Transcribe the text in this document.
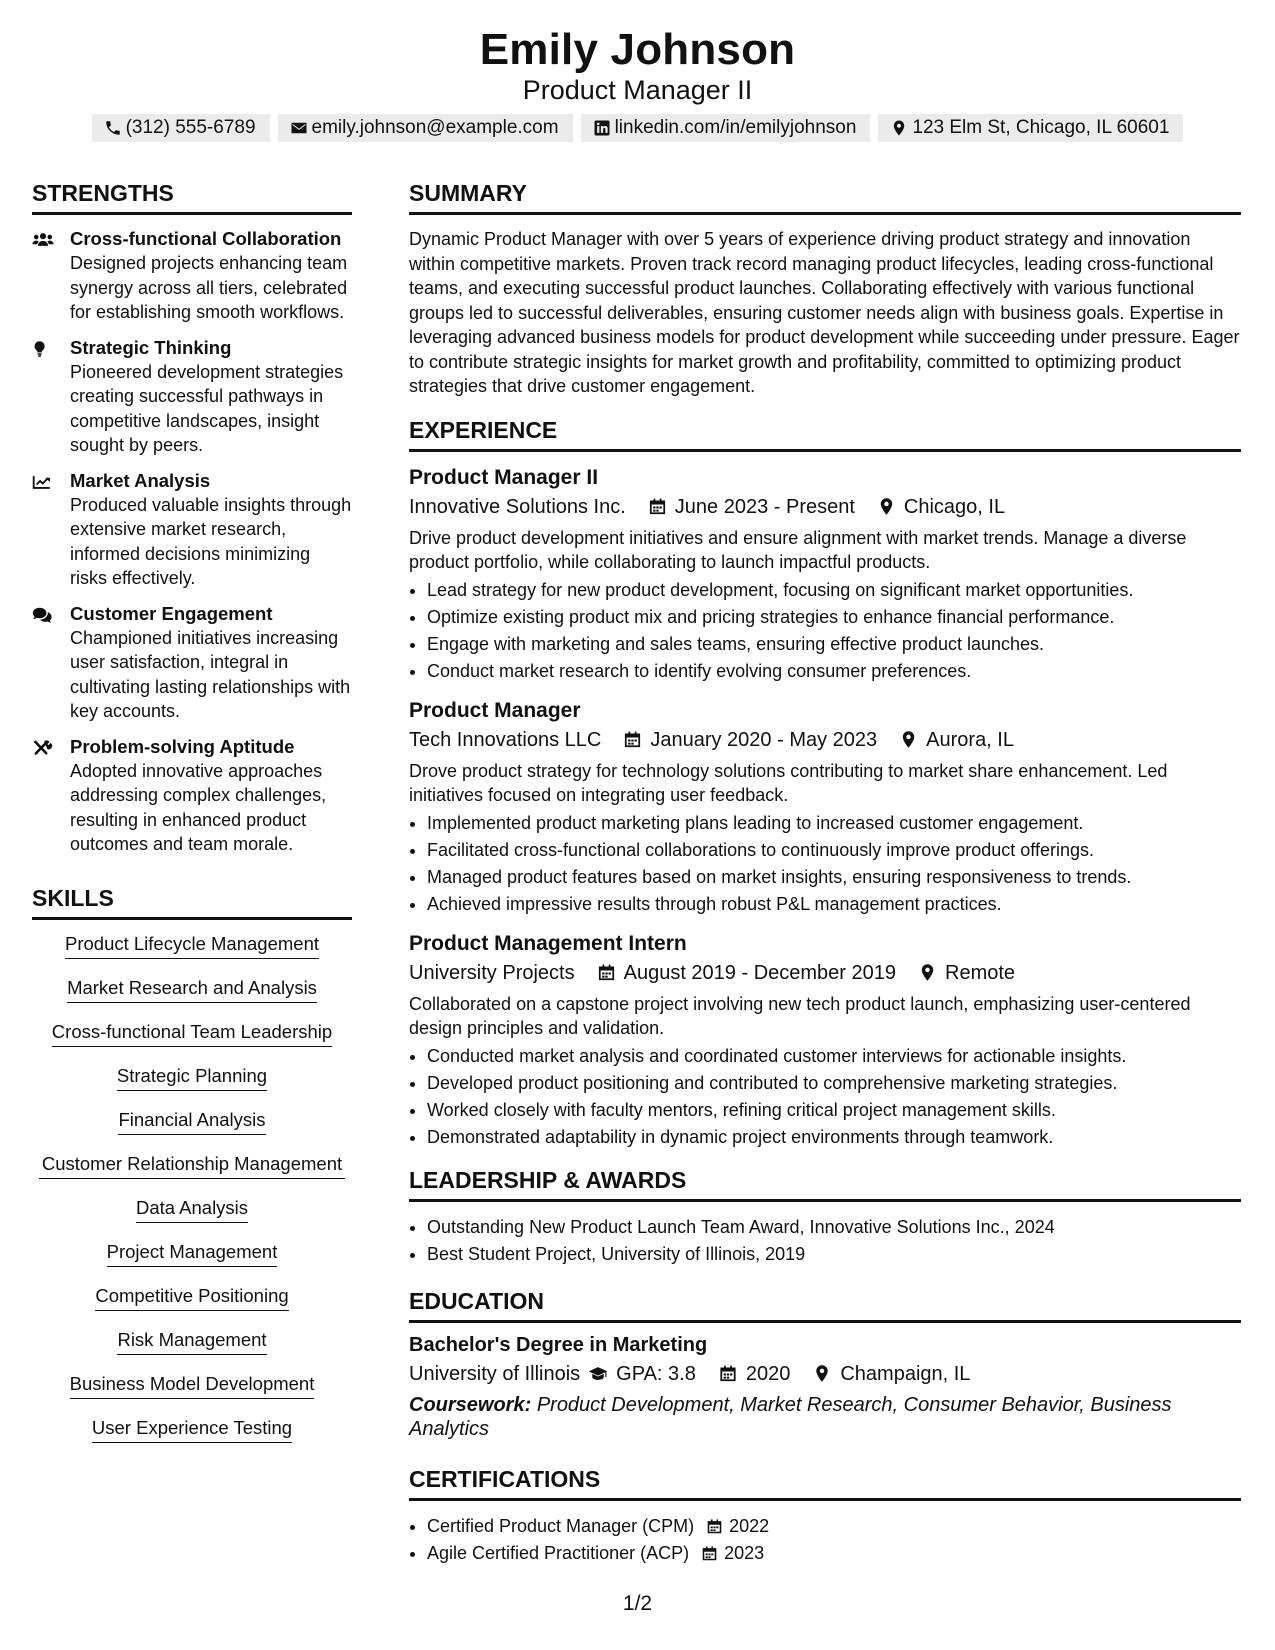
Emily Johnson
Product Manager II
(312) 555-6789	emily.johnson@example.com	linkedin.com/in/emilyjohnson	123 Elm St, Chicago, IL 60601
STRENGTHS
Cross-functional Collaboration
Designed projects enhancing team synergy across all tiers, celebrated for establishing smooth workflows.
Strategic Thinking
Pioneered development strategies creating successful pathways in competitive landscapes, insight sought by peers.
Market Analysis
Produced valuable insights through extensive market research, informed decisions minimizing risks effectively.
Customer Engagement
Championed initiatives increasing user satisfaction, integral in cultivating lasting relationships with key accounts.
Problem-solving Aptitude
Adopted innovative approaches addressing complex challenges, resulting in enhanced product outcomes and team morale.
SKILLS
Product Lifecycle Management
Market Research and Analysis
Cross-functional Team Leadership
Strategic Planning
Financial Analysis
Customer Relationship Management
Data Analysis
Project Management
Competitive Positioning
Risk Management
Business Model Development
User Experience Testing
SUMMARY
Dynamic Product Manager with over 5 years of experience driving product strategy and innovation within competitive markets. Proven track record managing product lifecycles, leading cross-functional teams, and executing successful product launches. Collaborating effectively with various functional groups led to successful deliverables, ensuring customer needs align with business goals. Expertise in leveraging advanced business models for product development while succeeding under pressure. Eager to contribute strategic insights for market growth and profitability, committed to optimizing product strategies that drive customer engagement.
EXPERIENCE
Product Manager II
Innovative Solutions Inc. June 2023 - Present Chicago, IL
Drive product development initiatives and ensure alignment with market trends. Manage a diverse product portfolio, while collaborating to launch impactful products.
• Lead strategy for new product development, focusing on significant market opportunities.
• Optimize existing product mix and pricing strategies to enhance financial performance.
• Engage with marketing and sales teams, ensuring effective product launches.
• Conduct market research to identify evolving consumer preferences.
Product Manager
Tech Innovations LLC January 2020 - May 2023 Aurora, IL
Drove product strategy for technology solutions contributing to market share enhancement. Led initiatives focused on integrating user feedback.
• Implemented product marketing plans leading to increased customer engagement.
• Facilitated cross-functional collaborations to continuously improve product offerings.
• Managed product features based on market insights, ensuring responsiveness to trends.
• Achieved impressive results through robust P&L management practices.
Product Management Intern
University Projects August 2019 - December 2019 Remote
Collaborated on a capstone project involving new tech product launch, emphasizing user-centered design principles and validation.
• Conducted market analysis and coordinated customer interviews for actionable insights.
• Developed product positioning and contributed to comprehensive marketing strategies.
• Worked closely with faculty mentors, refining critical project management skills.
• Demonstrated adaptability in dynamic project environments through teamwork.
LEADERSHIP & AWARDS
• Outstanding New Product Launch Team Award, Innovative Solutions Inc., 2024
• Best Student Project, University of Illinois, 2019
EDUCATION
Bachelor's Degree in Marketing
University of Illinois GPA: 3.8	2020	Champaign, IL
Coursework: Product Development, Market Research, Consumer Behavior, Business Analytics
CERTIFICATIONS
• Certified Product Manager (CPM) 2022
• Agile Certified Practitioner (ACP) 2023
1/2
